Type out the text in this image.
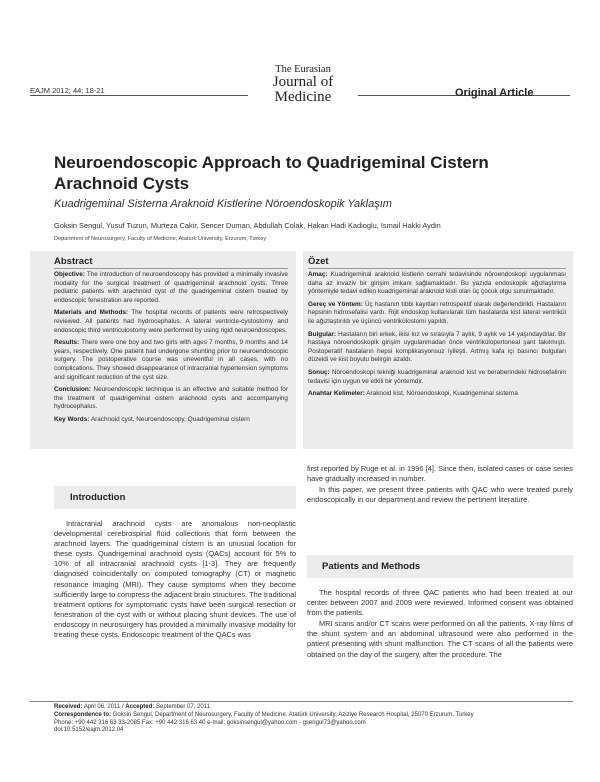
The Eurasian
Journal of Medicine
EAJM 2012; 44: 18-21	Original Article
Neuroendoscopic Approach to Quadrigeminal Cistern Arachnoid Cysts
Kuadrigeminal Sisterna Araknoid Kistlerine Nöroendoskopik Yaklaşım
Goksin Sengul, Yusuf Tuzun, Murteza Cakir, Sencer Duman, Abdullah Colak, Hakan Hadi Kadioglu, Ismail Hakki Aydin
Department of Neurosurgery, Faculty of Medicine, Atatürk University, Erzurum, Turkey
Abstract

Objective: The introduction of neuroendoscopy has provided a minimally invasive modality for the surgical treatment of quadrigeminal arachnoid cysts. Three pediatric patients with arachnoid cyst of the quadrigeminal cistern treated by endoscopic fenestration are reported.

Materials and Methods: The hospital records of patients were retrospectively reviewed. All patients had hydrocephalus. A lateral ventricle-cystostomy and endoscopic third ventriculostomy were performed by using rigid neuroendoscopes.

Results: There were one boy and two girls with ages 7 months, 9 months and 14 years, respectively. One patient had undergone shunting prior to neuroendoscopic surgery. The postoperative course was uneventful in all cases, with no complications. They showed disappearance of intracranial hypertension symptoms and significant reduction of the cyst size.

Conclusion: Neuroendoscopic technique is an effective and suitable method for the treatment of quadrigeminal cistern arachnoid cysts and accompanying hydrocephalus.

Key Words: Arachnoid cyst, Neuroendoscopy, Quadrigeminal cistern

Özet

Amaç: Kuadrigeminal araknoid kistlerin cerrahi tedavisinde nöroendoskopi uygulanması daha az invaziv bir girişim imkanı sağlamaktadır. Bu yazıda endoskopik ağızlaştırma yöntemiyle tedavi edilen kuadrigeminal araknoid kisti olan üç çocuk olgu sunulmaktadır.

Gereç ve Yöntem: Üç hastanın tıbbi kayıtları retrospektif olarak değerlendirildi. Hastaların hepsinin hidrosefalisi vardı. Rijit endoskop kullanılarak tüm hastalarda kist lateral ventrikül ile ağızlaştırıldı ve üçüncü ventrikülostomi yapıldı.

Bulgular: Hastaların biri erkek, ikisi kız ve sırasıyla 7 aylık, 9 aylık ve 14 yaşındaydılar. Bir hastaya nöroendoskopik girişim uygulanmadan önce ventrikülopertoneal şant takılmıştı. Postoperatif hastaların hepsi komplikasyonsuz iyileşti. Artmış kafa içi basıncı bulguları düzeldi ve kist boyutu belirgin azaldı.

Sonuç: Nöroendoskopi tekniği kuadrigeminal araknoid kist ve beraberindeki hidrosefalinin tedavisi için uygun ve etkili bir yöntemdir.

Anahtar Kelimeler: Araknoid kist, Nöroendoskopi, Kuadrigeminal sisterna

Introduction

Intracranial arachnoid cysts are anomalous non-neoplastic developmental cerebrospinal fluid collections that form between the arachnoid layers. The quadrigeminal cistern is an unusual location for these cysts. Quadrigeminal arachnoid cysts (QACs) account for 5% to 10% of all intracranial arachnoid cysts [1-3]. They are frequently diagnosed coincidentally on computed tomography (CT) or magnetic resonance imaging (MRI). They cause symptoms when they become sufficiently large to compress the adjacent brain structures. The traditional treatment options for symptomatic cysts have been surgical resection or fenestration of the cyst with or without placing shunt devices. The use of endoscopy in neurosurgery has provided a minimally invasive modality for treating these cysts. Endoscopic treatment of the QACs was

first reported by Ruge et al. in 1996 [4]. Since then, isolated cases or case series have gradually increased in number.

In this paper, we present three patients with QAC who were treated purely endoscopically in our department and review the pertinent literature.

Patients and Methods

The hospital records of three QAC patients who had been treated at our center between 2007 and 2009 were reviewed. Informed consent was obtained from the patients.

MRI scans and/or CT scans were performed on all the patients. X-ray films of the shunt system and an abdominal ultrasound were also performed in the patient presenting with shunt malfunction. The CT scans of all the patients were obtained on the day of the surgery, after the procedure. The

Received: April 06, 2011 / Accepted: September 07, 2011
Correspondence to: Goksin Sengul, Department of Neurosurgery, Faculty of Medicine, Atatürk University, Aziziye Research Hospital, 25070 Erzurum, Turkey
Phone: +90 442 316 63 33-2085 Fax: +90 442 316 63 40 e-mail: goksinsengul@yahoo.com - gsengul73@yahoo.com
doi:10.5152/eajm.2012.04
